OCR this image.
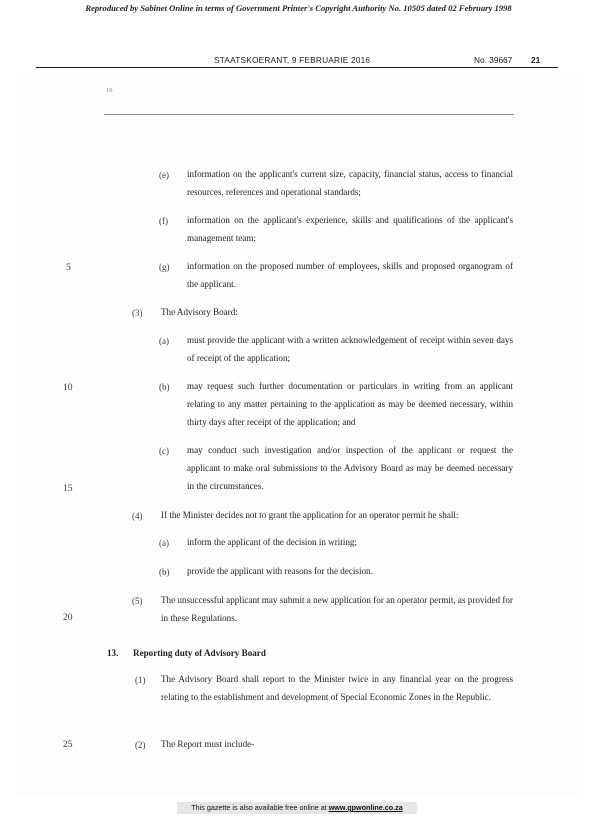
Reproduced by Sabinet Online in terms of Government Printer's Copyright Authority No. 10505 dated 02 February 1998
STAATSKOERANT, 9 FEBRUARIE 2016	No. 39667 21
16
(e) information on the applicant's current size, capacity, financial status, access to financial resources, references and operational standards;
(f) information on the applicant's experience, skills and qualifications of the applicant's management team;
(g) information on the proposed number of employees, skills and proposed organogram of the applicant.
(3) The Advisory Board:
(a) must provide the applicant with a written acknowledgement of receipt within seven days of receipt of the application;
(b) may request such further documentation or particulars in writing from an applicant relating to any matter pertaining to the application as may be deemed necessary, within thirty days after receipt of the application; and
(c) may conduct such investigation and/or inspection of the applicant or request the applicant to make oral submissions to the Advisory Board as may be deemed necessary in the circumstances.
(4) If the Minister decides not to grant the application for an operator permit he shall:
(a) inform the applicant of the decision in writing;
(b) provide the applicant with reasons for the decision.
(5) The unsuccessful applicant may submit a new application for an operator permit, as provided for in these Regulations.
13. Reporting duty of Advisory Board
(1) The Advisory Board shall report to the Minister twice in any financial year on the progress relating to the establishment and development of Special Economic Zones in the Republic.
(2) The Report must include-
5
10
15
20
25
This gazette is also available free online at www.gpwonline.co.za
